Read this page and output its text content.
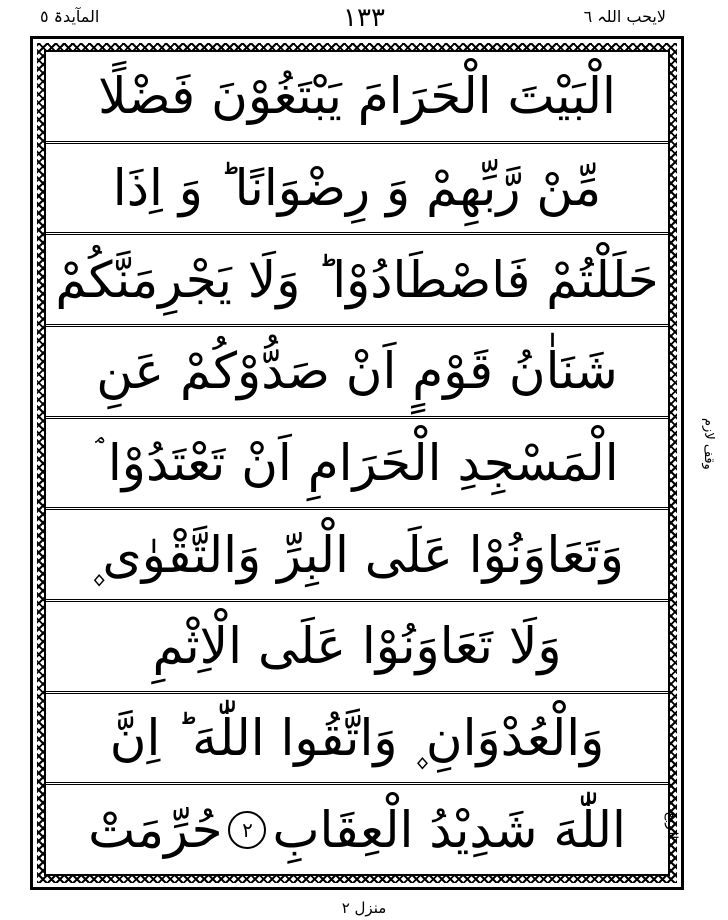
لایحب اللہ ٦
۱۳۳
المآیدۃ ٥
الْبَيْتَ الْحَرَامَ يَبْتَغُوْنَ فَضْلًا
مِّنْ رَّبِّهِمْ وَ رِضْوَانًا ؕ وَ اِذَا
حَلَلْتُمْ فَاصْطَادُوْا ؕ وَلَا يَجْرِمَنَّكُمْ
شَنَاٰنُ قَوْمٍ اَنْ صَدُّوْكُمْ عَنِ
الْمَسْجِدِ الْحَرَامِ اَنْ تَعْتَدُوْا ۘ
وَتَعَاوَنُوْا عَلَى الْبِرِّ وَالتَّقْوٰى ۪
وَلَا تَعَاوَنُوْا عَلَى الْاِثْمِ
وَالْعُدْوَانِ ۪ وَاتَّقُوا اللّٰهَ ؕ اِنَّ
اللّٰهَ شَدِيْدُ الْعِقَابِ
٢
حُرِّمَتْ
وقف لازم
الربع
منزل ٢
